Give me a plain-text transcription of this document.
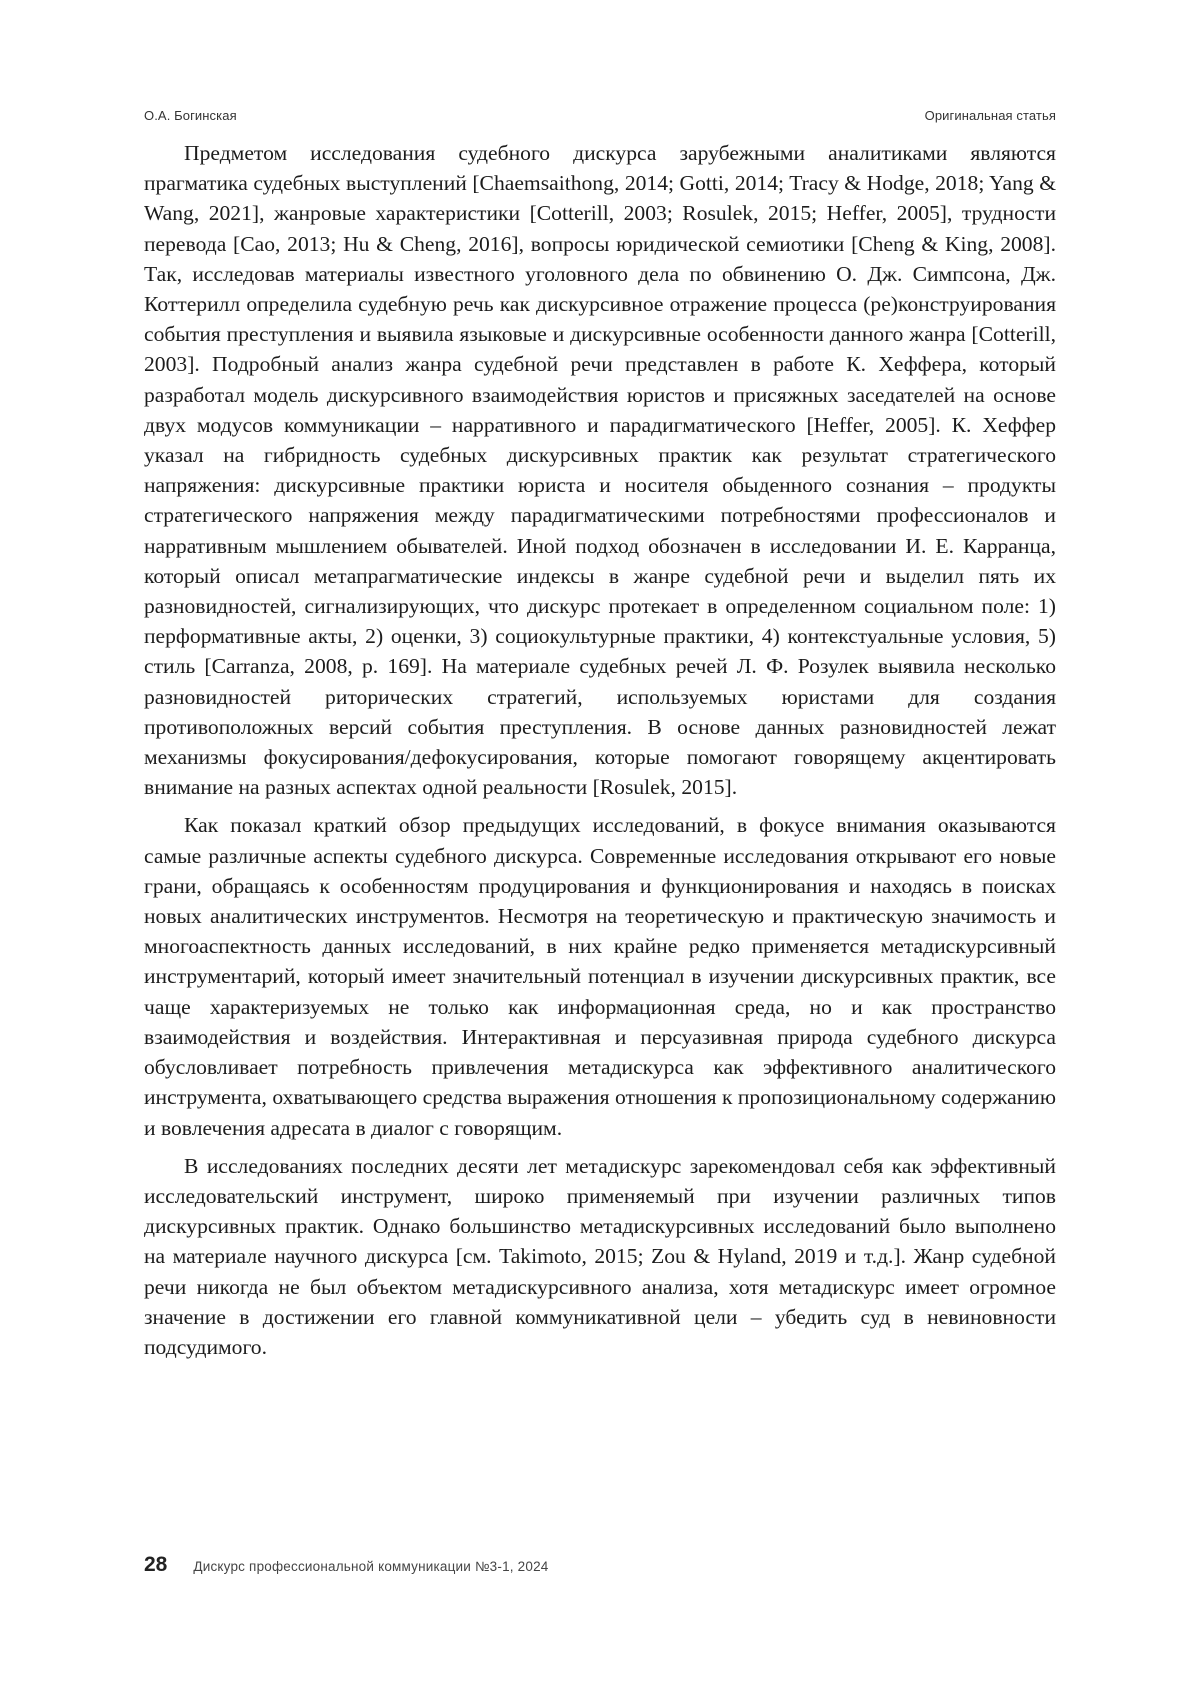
О.А. Богинская	Оригинальная статья

Предметом исследования судебного дискурса зарубежными аналитиками являются прагматика судебных выступлений [Chaemsaithong, 2014; Gotti, 2014; Tracy & Hodge, 2018; Yang & Wang, 2021], жанровые характеристики [Cotterill, 2003; Rosulek, 2015; Heffer, 2005], трудности перевода [Cao, 2013; Hu & Cheng, 2016], вопросы юридической семиотики [Cheng & King, 2008]. Так, исследовав материалы известного уголовного дела по обвинению О. Дж. Симпсона, Дж. Коттерилл определила судебную речь как дискурсивное отражение процесса (ре)конструирования события преступления и выявила языковые и дискурсивные особенности данного жанра [Cotterill, 2003]. Подробный анализ жанра судебной речи представлен в работе К. Хеффера, который разработал модель дискурсивного взаимодействия юристов и присяжных заседателей на основе двух модусов коммуникации – нарративного и парадигматического [Heffer, 2005]. К. Хеффер указал на гибридность судебных дискурсивных практик как результат стратегического напряжения: дискурсивные практики юриста и носителя обыденного сознания – продукты стратегического напряжения между парадигматическими потребностями профессионалов и нарративным мышлением обывателей. Иной подход обозначен в исследовании И. Е. Карранца, который описал метапрагматические индексы в жанре судебной речи и выделил пять их разновидностей, сигнализирующих, что дискурс протекает в определенном социальном поле: 1) перформативные акты, 2) оценки, 3) социокультурные практики, 4) контекстуальные условия, 5) стиль [Carranza, 2008, p. 169]. На материале судебных речей Л. Ф. Розулек выявила несколько разновидностей риторических стратегий, используемых юристами для создания противоположных версий события преступления. В основе данных разновидностей лежат механизмы фокусирования/дефокусирования, которые помогают говорящему акцентировать внимание на разных аспектах одной реальности [Rosulek, 2015].

Как показал краткий обзор предыдущих исследований, в фокусе внимания оказываются самые различные аспекты судебного дискурса. Современные исследования открывают его новые грани, обращаясь к особенностям продуцирования и функционирования и находясь в поисках новых аналитических инструментов. Несмотря на теоретическую и практическую значимость и многоаспектность данных исследований, в них крайне редко применяется метадискурсивный инструментарий, который имеет значительный потенциал в изучении дискурсивных практик, все чаще характеризуемых не только как информационная среда, но и как пространство взаимодействия и воздействия. Интерактивная и персуазивная природа судебного дискурса обусловливает потребность привлечения метадискурса как эффективного аналитического инструмента, охватывающего средства выражения отношения к пропозициональному содержанию и вовлечения адресата в диалог с говорящим.

В исследованиях последних десяти лет метадискурс зарекомендовал себя как эффективный исследовательский инструмент, широко применяемый при изучении различных типов дискурсивных практик. Однако большинство метадискурсивных исследований было выполнено на материале научного дискурса [см. Takimoto, 2015; Zou & Hyland, 2019 и т.д.]. Жанр судебной речи никогда не был объектом метадискурсивного анализа, хотя метадискурс имеет огромное значение в достижении его главной коммуникативной цели – убедить суд в невиновности подсудимого.

28 Дискурс профессиональной коммуникации №3-1, 2024
